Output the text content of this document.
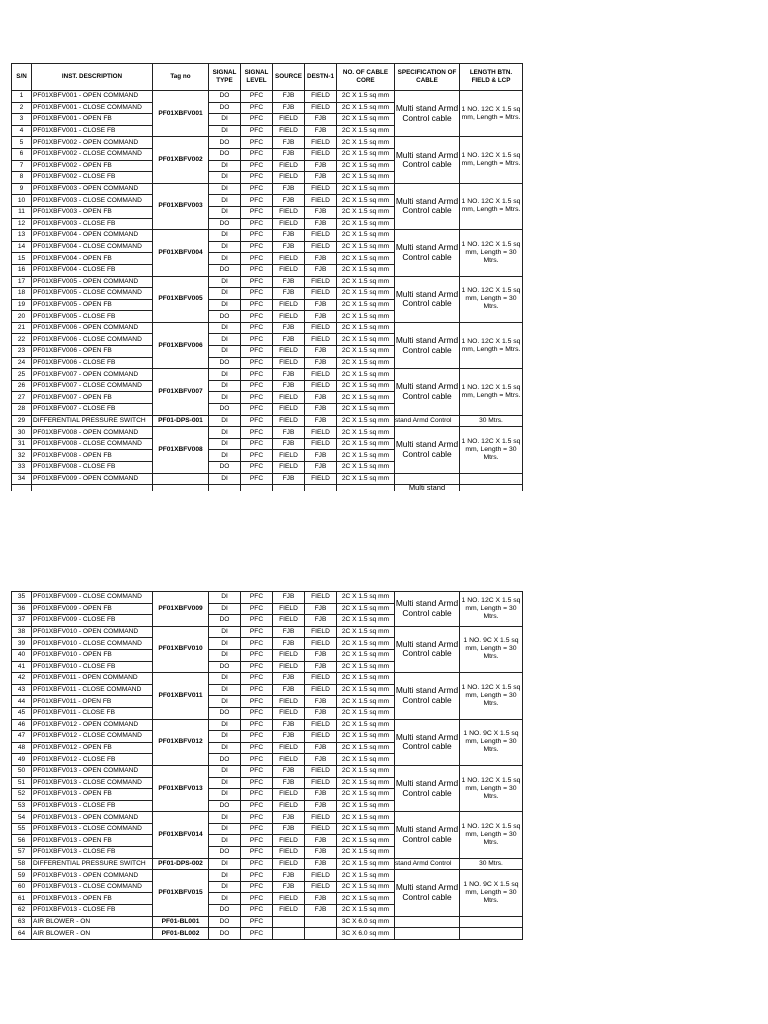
S/N	INST. DESCRIPTION	Tag no	SIGNAL TYPE	SIGNAL LEVEL	SOURCE	DESTN-1	NO. OF CABLE CORE	SPECIFICATION OF CABLE	LENGTH BTN. FIELD & LCP
1	PF01XBFV001 - OPEN COMMAND	PF01XBFV001	DO	PFC	FJB	FIELD	2C X 1.5 sq mm	Multi stand Armd Control cable	1 NO. 12C X 1.5 sq mm, Length = Mtrs.
2	PF01XBFV001 - CLOSE COMMAND		DO	PFC	FJB	FIELD	2C X 1.5 sq mm		
3	PF01XBFV001 - OPEN FB		DI	PFC	FIELD	FJB	2C X 1.5 sq mm		
4	PF01XBFV001 - CLOSE FB		DI	PFC	FIELD	FJB	2C X 1.5 sq mm		
5	PF01XBFV002 - OPEN COMMAND	PF01XBFV002	DO	PFC	FJB	FIELD	2C X 1.5 sq mm	Multi stand Armd Control cable	1 NO. 12C X 1.5 sq mm, Length = Mtrs.
6	PF01XBFV002 - CLOSE COMMAND		DO	PFC	FJB	FIELD	2C X 1.5 sq mm		
7	PF01XBFV002 - OPEN FB		DI	PFC	FIELD	FJB	2C X 1.5 sq mm		
8	PF01XBFV002 - CLOSE FB		DI	PFC	FIELD	FJB	2C X 1.5 sq mm		
9	PF01XBFV003 - OPEN COMMAND	PF01XBFV003	DI	PFC	FJB	FIELD	2C X 1.5 sq mm	Multi stand Armd Control cable	1 NO. 12C X 1.5 sq mm, Length = Mtrs.
10	PF01XBFV003 - CLOSE COMMAND		DI	PFC	FJB	FIELD	2C X 1.5 sq mm		
11	PF01XBFV003 - OPEN FB		DI	PFC	FIELD	FJB	2C X 1.5 sq mm		
12	PF01XBFV003 - CLOSE FB		DO	PFC	FIELD	FJB	2C X 1.5 sq mm		
13	PF01XBFV004 - OPEN COMMAND	PF01XBFV004	DI	PFC	FJB	FIELD	2C X 1.5 sq mm	Multi stand Armd Control cable	1 NO. 12C X 1.5 sq mm, Length = 30 Mtrs.
14	PF01XBFV004 - CLOSE COMMAND		DI	PFC	FJB	FIELD	2C X 1.5 sq mm		
15	PF01XBFV004 - OPEN FB		DI	PFC	FIELD	FJB	2C X 1.5 sq mm		
16	PF01XBFV004 - CLOSE FB		DO	PFC	FIELD	FJB	2C X 1.5 sq mm		
17	PF01XBFV005 - OPEN COMMAND	PF01XBFV005	DI	PFC	FJB	FIELD	2C X 1.5 sq mm	Multi stand Armd Control cable	1 NO. 12C X 1.5 sq mm, Length = 30 Mtrs.
18	PF01XBFV005 - CLOSE COMMAND		DI	PFC	FJB	FIELD	2C X 1.5 sq mm		
19	PF01XBFV005 - OPEN FB		DI	PFC	FIELD	FJB	2C X 1.5 sq mm		
20	PF01XBFV005 - CLOSE FB		DO	PFC	FIELD	FJB	2C X 1.5 sq mm		
21	PF01XBFV006 - OPEN COMMAND	PF01XBFV006	DI	PFC	FJB	FIELD	2C X 1.5 sq mm	Multi stand Armd Control cable	1 NO. 12C X 1.5 sq mm, Length = Mtrs.
22	PF01XBFV006 - CLOSE COMMAND		DI	PFC	FJB	FIELD	2C X 1.5 sq mm		
23	PF01XBFV006 - OPEN FB		DI	PFC	FIELD	FJB	2C X 1.5 sq mm		
24	PF01XBFV006 - CLOSE FB		DO	PFC	FIELD	FJB	2C X 1.5 sq mm		
25	PF01XBFV007 - OPEN COMMAND	PF01XBFV007	DI	PFC	FJB	FIELD	2C X 1.5 sq mm	Multi stand Armd Control cable	1 NO. 12C X 1.5 sq mm, Length = Mtrs.
26	PF01XBFV007 - CLOSE COMMAND		DI	PFC	FJB	FIELD	2C X 1.5 sq mm		
27	PF01XBFV007 - OPEN FB		DI	PFC	FIELD	FJB	2C X 1.5 sq mm		
28	PF01XBFV007 - CLOSE FB		DO	PFC	FIELD	FJB	2C X 1.5 sq mm		
29	DIFFERENTIAL PRESSURE SWITCH	PF01-DPS-001	DI	PFC	FIELD	FJB	2C X 1.5 sq mm	stand Armd Control	30 Mtrs.
30	PF01XBFV008 - OPEN COMMAND	PF01XBFV008	DI	PFC	FJB	FIELD	2C X 1.5 sq mm	Multi stand Armd Control cable	1 NO. 12C X 1.5 sq mm, Length = 30 Mtrs.
31	PF01XBFV008 - CLOSE COMMAND		DI	PFC	FJB	FIELD	2C X 1.5 sq mm		
32	PF01XBFV008 - OPEN FB		DI	PFC	FIELD	FJB	2C X 1.5 sq mm		
33	PF01XBFV008 - CLOSE FB		DO	PFC	FIELD	FJB	2C X 1.5 sq mm		
34	PF01XBFV009 - OPEN COMMAND		DI	PFC	FJB	FIELD	2C X 1.5 sq mm		
								Multi stand	
35	PF01XBFV009 - CLOSE COMMAND	PF01XBFV009	DI	PFC	FJB	FIELD	2C X 1.5 sq mm	Multi stand Armd Control cable	1 NO. 12C X 1.5 sq mm, Length = 30 Mtrs.
36	PF01XBFV009 - OPEN FB		DI	PFC	FIELD	FJB	2C X 1.5 sq mm		
37	PF01XBFV009 - CLOSE FB		DO	PFC	FIELD	FJB	2C X 1.5 sq mm		
38	PF01XBFV010 - OPEN COMMAND	PF01XBFV010	DI	PFC	FJB	FIELD	2C X 1.5 sq mm	Multi stand Armd Control cable	1 NO. 9C X 1.5 sq mm, Length = 30 Mtrs.
39	PF01XBFV010 - CLOSE COMMAND		DI	PFC	FJB	FIELD	2C X 1.5 sq mm		
40	PF01XBFV010 - OPEN FB		DI	PFC	FIELD	FJB	2C X 1.5 sq mm		
41	PF01XBFV010 - CLOSE FB		DO	PFC	FIELD	FJB	2C X 1.5 sq mm		
42	PF01XBFV011 - OPEN COMMAND	PF01XBFV011	DI	PFC	FJB	FIELD	2C X 1.5 sq mm	Multi stand Armd Control cable	1 NO. 12C X 1.5 sq mm, Length = 30 Mtrs.
43	PF01XBFV011 - CLOSE COMMAND		DI	PFC	FJB	FIELD	2C X 1.5 sq mm		
44	PF01XBFV011 - OPEN FB		DI	PFC	FIELD	FJB	2C X 1.5 sq mm		
45	PF01XBFV011 - CLOSE FB		DO	PFC	FIELD	FJB	2C X 1.5 sq mm		
46	PF01XBFV012 - OPEN COMMAND	PF01XBFV012	DI	PFC	FJB	FIELD	2C X 1.5 sq mm	Multi stand Armd Control cable	1 NO. 9C X 1.5 sq mm, Length = 30 Mtrs.
47	PF01XBFV012 - CLOSE COMMAND		DI	PFC	FJB	FIELD	2C X 1.5 sq mm		
48	PF01XBFV012 - OPEN FB		DI	PFC	FIELD	FJB	2C X 1.5 sq mm		
49	PF01XBFV012 - CLOSE FB		DO	PFC	FIELD	FJB	2C X 1.5 sq mm		
50	PF01XBFV013 - OPEN COMMAND	PF01XBFV013	DI	PFC	FJB	FIELD	2C X 1.5 sq mm	Multi stand Armd Control cable	1 NO. 12C X 1.5 sq mm, Length = 30 Mtrs.
51	PF01XBFV013 - CLOSE COMMAND		DI	PFC	FJB	FIELD	2C X 1.5 sq mm		
52	PF01XBFV013 - OPEN FB		DI	PFC	FIELD	FJB	2C X 1.5 sq mm		
53	PF01XBFV013 - CLOSE FB		DO	PFC	FIELD	FJB	2C X 1.5 sq mm		
54	PF01XBFV013 - OPEN COMMAND	PF01XBFV014	DI	PFC	FJB	FIELD	2C X 1.5 sq mm	Multi stand Armd Control cable	1 NO. 12C X 1.5 sq mm, Length = 30 Mtrs.
55	PF01XBFV013 - CLOSE COMMAND		DI	PFC	FJB	FIELD	2C X 1.5 sq mm		
56	PF01XBFV013 - OPEN FB		DI	PFC	FIELD	FJB	2C X 1.5 sq mm		
57	PF01XBFV013 - CLOSE FB		DO	PFC	FIELD	FJB	2C X 1.5 sq mm		
58	DIFFERENTIAL PRESSURE SWITCH	PF01-DPS-002	DI	PFC	FIELD	FJB	2C X 1.5 sq mm	stand Armd Control	30 Mtrs.
59	PF01XBFV013 - OPEN COMMAND	PF01XBFV015	DI	PFC	FJB	FIELD	2C X 1.5 sq mm	Multi stand Armd Control cable	1 NO. 9C X 1.5 sq mm, Length = 30 Mtrs.
60	PF01XBFV013 - CLOSE COMMAND		DI	PFC	FJB	FIELD	2C X 1.5 sq mm		
61	PF01XBFV013 - OPEN FB		DI	PFC	FIELD	FJB	2C X 1.5 sq mm		
62	PF01XBFV013 - CLOSE FB		DO	PFC	FIELD	FJB	2C X 1.5 sq mm		
63	AIR BLOWER - ON	PF01-BL001	DO	PFC			3C X 6.0 sq mm		
64	AIR BLOWER - ON	PF01-BL002	DO	PFC			3C X 6.0 sq mm		
